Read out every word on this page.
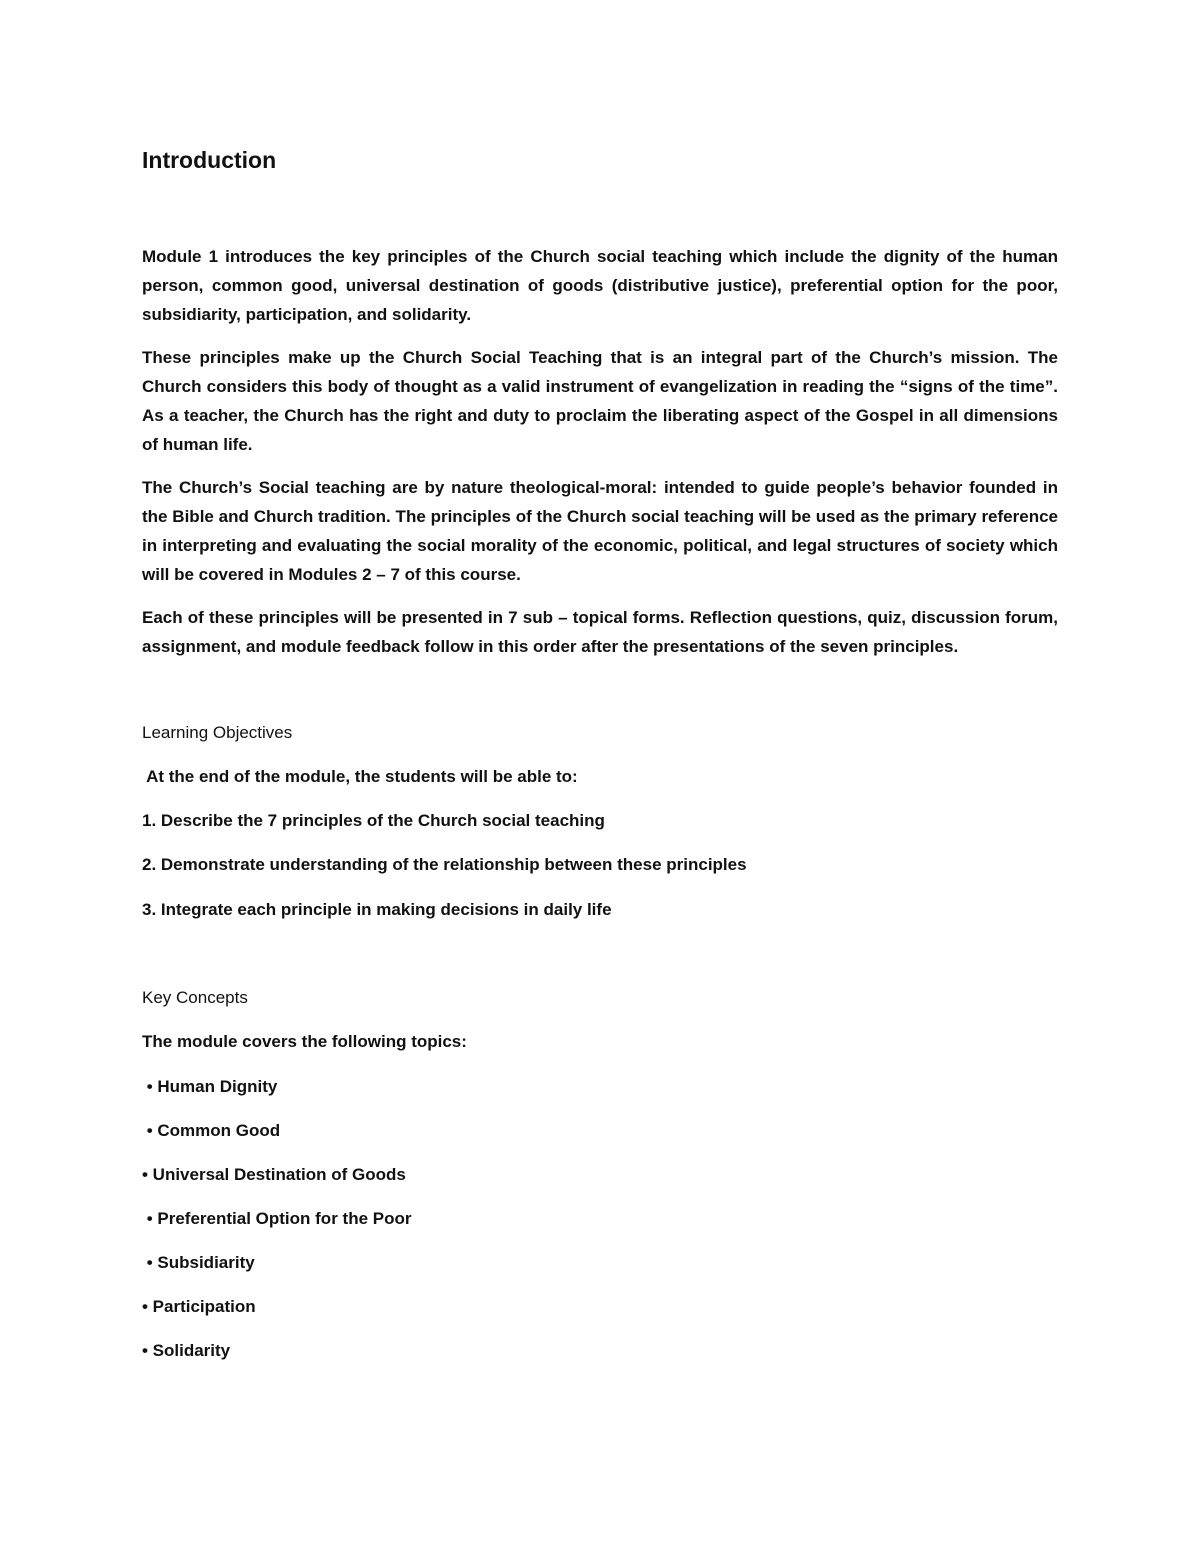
Introduction

Module 1 introduces the key principles of the Church social teaching which include the dignity of the human person, common good, universal destination of goods (distributive justice), preferential option for the poor, subsidiarity, participation, and solidarity.

These principles make up the Church Social Teaching that is an integral part of the Church’s mission. The Church considers this body of thought as a valid instrument of evangelization in reading the “signs of the time”. As a teacher, the Church has the right and duty to proclaim the liberating aspect of the Gospel in all dimensions of human life.

The Church’s Social teaching are by nature theological-moral: intended to guide people’s behavior founded in the Bible and Church tradition. The principles of the Church social teaching will be used as the primary reference in interpreting and evaluating the social morality of the economic, political, and legal structures of society which will be covered in Modules 2 – 7 of this course.

Each of these principles will be presented in 7 sub – topical forms. Reflection questions, quiz, discussion forum, assignment, and module feedback follow in this order after the presentations of the seven principles.

Learning Objectives

At the end of the module, the students will be able to:

1. Describe the 7 principles of the Church social teaching
2. Demonstrate understanding of the relationship between these principles
3. Integrate each principle in making decisions in daily life
Key Concepts

The module covers the following topics:

• Human Dignity
• Common Good
• Universal Destination of Goods
• Preferential Option for the Poor
• Subsidiarity
• Participation
• Solidarity
